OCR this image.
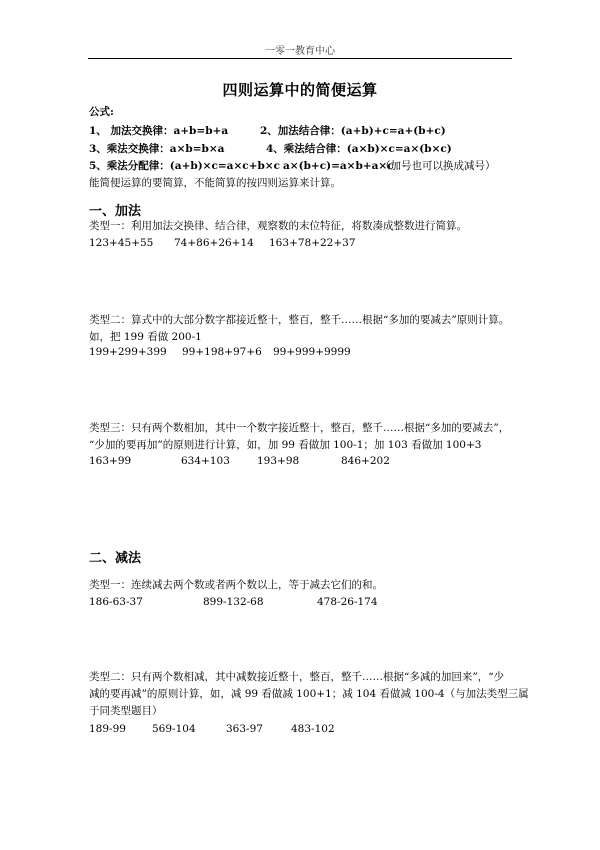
一零一教育中心
四则运算中的简便运算
公式:
1、 加法交换律：a+b=b+a	2、加法结合律：(a+b)+c=a+(b+c)
3、乘法交换律：a×b=b×a	4、乘法结合律：(a×b)×c=a×(b×c)
5、乘法分配律：(a+b)×c=a×c+b×c a×(b+c)=a×b+a×c
（加号也可以换成减号）
能简便运算的要简算，不能简算的按四则运算来计算。
一、加法
类型一：利用加法交换律、结合律，观察数的末位特征，将数凑成整数进行简算。
123+45+55 74+86+26+14 163+78+22+37
类型二：算式中的大部分数字都接近整十，整百，整千……根据“多加的要减去”原则计算。
如，把 199 看做 200-1
199+299+399 99+198+97+6 99+999+9999
类型三：只有两个数相加，其中一个数字接近整十，整百，整千……根据“多加的要减去”，
“少加的要再加”的原则进行计算，如，加 99 看做加 100-1；加 103 看做加 100+3
163+99	634+103	193+98	846+202
二、减法
类型一：连续减去两个数或者两个数以上，等于减去它们的和。
186-63-37	899-132-68	478-26-174
类型二：只有两个数相减，其中减数接近整十，整百，整千……根据“多减的加回来”，“少
减的要再减”的原则计算，如，减 99 看做减 100+1；减 104 看做减 100-4（与加法类型三属
于同类型题目）
189-99 569-104	363-97	483-102
